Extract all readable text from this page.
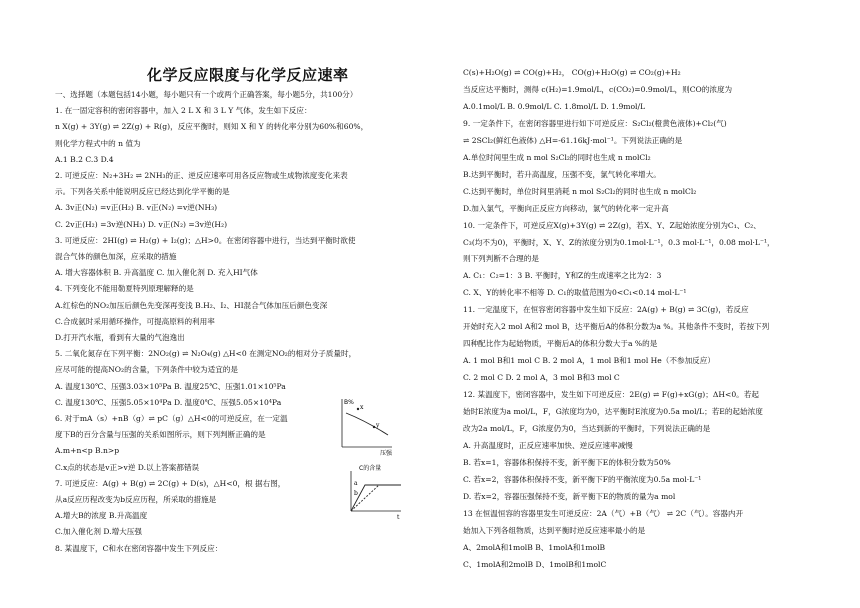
化学反应限度与化学反应速率
一、选择题（本题包括14小题，每小题只有一个或两个正确答案，每小题5分，共100分）
1. 在一固定容积的密闭容器中，加入 2 L X 和 3 L Y 气体，发生如下反应：
n X(g) + 3Y(g) ⇌ 2Z(g) + R(g)，反应平衡时，则知 X 和 Y 的转化率分别为60%和60%，
则化学方程式中的 n 值为
A.1 B.2 C.3 D.4
2. 可逆反应：N₂+3H₂ ⇌ 2NH₃的正、逆反应速率可用各反应物或生成物浓度变化来表
示。下列各关系中能说明反应已经达到化学平衡的是
A. 3v正(N₂) =v正(H₂) B. v正(N₂) =v逆(NH₃)
C. 2v正(H₂) =3v逆(NH₃) D. v正(N₂) =3v逆(H₂)
3. 可逆反应：2HI(g) ⇌ H₂(g) + I₂(g)；△H>0。在密闭容器中进行，当达到平衡时欲使
混合气体的颜色加深，应采取的措施
A. 增大容器体积 B. 升高温度 C. 加入催化剂 D. 充入HI气体
4. 下列变化不能用勒夏特列原理解释的是
A.红棕色的NO₂加压后颜色先变深再变浅 B.H₂、I₂、HI混合气体加压后颜色变深
C.合成氨时采用循环操作，可提高原料的利用率
D.打开汽水瓶，看到有大量的气泡逸出
5. 二氧化氮存在下列平衡：2NO₂(g) ⇌ N₂O₄(g) △H<0 在测定NO₂的相对分子质量时，
应尽可能的提高NO₂的含量，下列条件中较为适宜的是
A. 温度130℃、压强3.03×10⁵Pa B. 温度25℃、压强1.01×10⁵Pa
C. 温度130℃、压强5.05×10⁴Pa D. 温度0℃、压强5.05×10⁴Pa
6. 对于mA（s）+nB（g）⇌ pC（g）△H<0的可逆反应，在一定温
度下B的百分含量与压强的关系如图所示，则下列判断正确的是
A.m+n<p B.n>p
C.x点的状态是v正>v逆 D.以上答案都错误
7. 可逆反应：A(g) + B(g) ⇌ 2C(g) + D(s)，△H<0，根 据右图，
从a反应历程改变为b反应历程，所采取的措施是
A.增大B的浓度 B.升高温度
C.加入催化剂 D.增大压强
8. 某温度下，C和水在密闭容器中发生下列反应：
C(s)+H₂O(g) ⇌ CO(g)+H₂， CO(g)+H₂O(g) ⇌ CO₂(g)+H₂
当反应达平衡时，测得 c(H₂)=1.9mol/L，c(CO₂)=0.9mol/L，则CO的浓度为
A.0.1mol/L B. 0.9mol/L C. 1.8mol/L D. 1.9mol/L
9. 一定条件下，在密闭容器里进行如下可逆反应：S₂Cl₂(橙黄色液体)+Cl₂(气)
⇌ 2SCl₂(鲜红色液体) △H=-61.16kJ·mol⁻¹。下列说法正确的是
A.单位时间里生成 n mol S₂Cl₂的同时也生成 n molCl₂
B.达到平衡时，若升高温度，压强不变，氯气转化率增大。
C.达到平衡时，单位时间里消耗 n mol S₂Cl₂的同时也生成 n molCl₂
D.加入氯气，平衡向正反应方向移动，氯气的转化率一定升高
10. 一定条件下，可逆反应X(g)+3Y(g) ⇌ 2Z(g)，若X、Y、Z起始浓度分别为C₁、C₂、
C₃(均不为0)，平衡时，X、Y、Z的浓度分别为0.1mol·L⁻¹，0.3 mol·L⁻¹，0.08 mol·L⁻¹，
则下列判断不合理的是
A. C₁：C₂=1：3 B. 平衡时，Y和Z的生成速率之比为2：3
C. X、Y的转化率不相等 D. C₁的取值范围为0<C₁<0.14 mol·L⁻¹
11. 一定温度下，在恒容密闭容器中发生如下反应：2A(g) + B(g) ⇌ 3C(g)，若反应
开始时充入2 mol A和2 mol B，达平衡后A的体积分数为a %。其他条件不变时，若按下列
四种配比作为起始物质，平衡后A的体积分数大于a %的是
A. 1 mol B和1 mol C B. 2 mol A，1 mol B和1 mol He（不参加反应）
C. 2 mol C D. 2 mol A，3 mol B和3 mol C
12. 某温度下，密闭容器中，发生如下可逆反应：2E(g) ⇌ F(g)+xG(g)；ΔH<0。若起
始时E浓度为a mol/L，F，G浓度均为0，达平衡时E浓度为0.5a mol/L；若E的起始浓度
改为2a mol/L，F，G浓度仍为0，当达到新的平衡时，下列说法正确的是
A. 升高温度时，正反应速率加快、逆反应速率减慢
B. 若x=1，容器体积保持不变，新平衡下E的体积分数为50%
C. 若x=2，容器体积保持不变，新平衡下F的平衡浓度为0.5a mol·L⁻¹
D. 若x=2，容器压强保持不变，新平衡下E的物质的量为a mol
13 在恒温恒容的容器里发生可逆反应：2A（气）+B（气） ⇌ 2C（气）。容器内开
始加入下列各组物质，达到平衡时逆反应速率最小的是
A、2molA和1molB B、1molA和1molB
C、1molA和2molB D、1molB和1molC
x
y
压强
B%
C的含量
a
b
t
